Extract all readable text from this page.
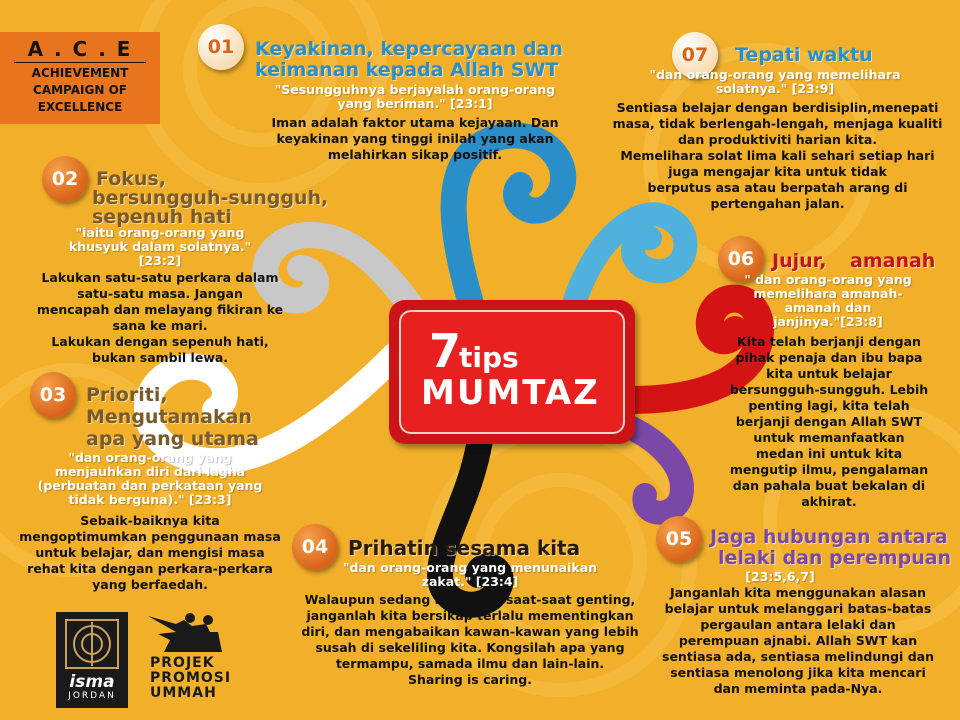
A . C . E
ACHIEVEMENT
CAMPAIGN OF
EXCELLENCE
7
tips
MUMTAZ
01	Keyakinan, kepercayaan dan
keimanan kepada Allah SWT
"Sesungguhnya berjayalah orang-orang
yang beriman." [23:1]
Iman adalah faktor utama kejayaan. Dan
keyakinan yang tinggi inilah yang akan
melahirkan sikap positif.
07	Tepati waktu
"dan orang-orang yang memelihara
solatnya." [23:9]
Sentiasa belajar dengan berdisiplin,menepati
masa, tidak berlengah-lengah, menjaga kualiti
dan produktiviti harian kita.
Memelihara solat lima kali sehari setiap hari
juga mengajar kita untuk tidak
berputus asa atau berpatah arang di
pertengahan jalan.
02 Fokus,
bersungguh-sungguh,
sepenuh hati
"iaitu orang-orang yang
khusyuk dalam solatnya."
[23:2]
Lakukan satu-satu perkara dalam
satu-satu masa. Jangan
mencapah dan melayang fikiran ke
sana ke mari.
Lakukan dengan sepenuh hati,
bukan sambil lewa.
06 Jujur, amanah
" dan orang-orang yang
memelihara amanah-
amanah dan
janjinya."[23:8]
Kita telah berjanji dengan
pihak penaja dan ibu bapa
kita untuk belajar
bersungguh-sungguh. Lebih
penting lagi, kita telah
berjanji dengan Allah SWT
untuk memanfaatkan
medan ini untuk kita
mengutip ilmu, pengalaman
dan pahala buat bekalan di
akhirat.
03	Prioriti,
Mengutamakan
apa yang utama
"dan orang-orang yang
menjauhkan diri dari lagha
(perbuatan dan perkataan yang
tidak berguna)." [23:3]
Sebaik-baiknya kita
mengoptimumkan penggunaan masa
untuk belajar, dan mengisi masa
rehat kita dengan perkara-perkara
yang berfaedah.
05 Jaga hubungan antara
lelaki dan perempuan
[23:5,6,7]
Janganlah kita menggunakan alasan
belajar untuk melanggari batas-batas
pergaulan antara lelaki dan
perempuan ajnabi. Allah SWT kan
sentiasa ada, sentiasa melindungi dan
sentiasa menolong jika kita mencari
dan meminta pada-Nya.
04 Prihatin sesama kita
"dan orang-orang yang menunaikan
zakat." [23:4]
Walaupun sedang berada di saat-saat genting,
janganlah kita bersikap terlalu mementingkan
diri, dan mengabaikan kawan-kawan yang lebih
susah di sekeliling kita. Kongsilah apa yang
termampu, samada ilmu dan lain-lain.
Sharing is caring.
isma
JORDAN
PROJEK
PROMOSI
UMMAH
